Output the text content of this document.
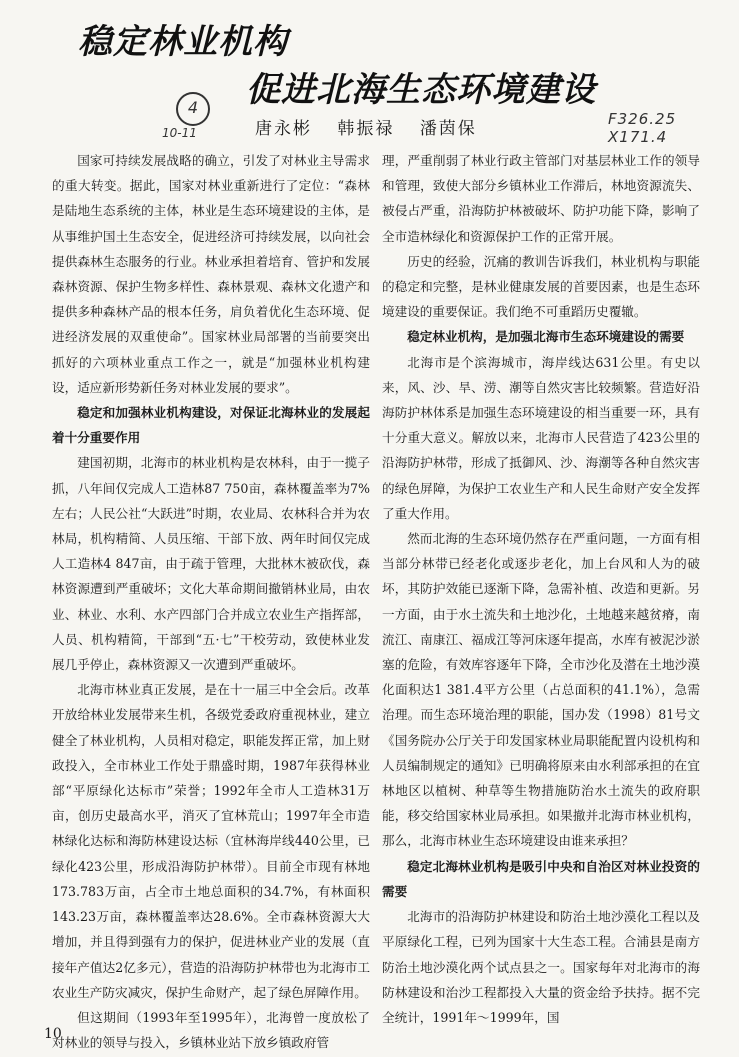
稳定林业机构
促进北海生态环境建设
4
10-11
F326.25 X171.4
唐永彬 韩振禄 潘茵保

国家可持续发展战略的确立，引发了对林业主导需求的重大转变。据此，国家对林业重新进行了定位：“森林是陆地生态系统的主体，林业是生态环境建设的主体，是从事维护国土生态安全，促进经济可持续发展，以向社会提供森林生态服务的行业。林业承担着培育、管护和发展森林资源、保护生物多样性、森林景观、森林文化遗产和提供多种森林产品的根本任务，肩负着优化生态环境、促进经济发展的双重使命”。国家林业局部署的当前要突出抓好的六项林业重点工作之一，就是“加强林业机构建设，适应新形势新任务对林业发展的要求”。

稳定和加强林业机构建设，对保证北海林业的发展起着十分重要作用

建国初期，北海市的林业机构是农林科，由于一揽子抓，八年间仅完成人工造林87 750亩，森林覆盖率为7%左右；人民公社“大跃进”时期，农业局、农林科合并为农林局，机构精简、人员压缩、干部下放、两年时间仅完成人工造林4 847亩，由于疏于管理，大批林木被砍伐，森林资源遭到严重破坏；文化大革命期间撤销林业局，由农业、林业、水利、水产四部门合并成立农业生产指挥部，人员、机构精简，干部到“五·七”干校劳动，致使林业发展几乎停止，森林资源又一次遭到严重破坏。

北海市林业真正发展，是在十一届三中全会后。改革开放给林业发展带来生机，各级党委政府重视林业，建立健全了林业机构，人员相对稳定，职能发挥正常，加上财政投入，全市林业工作处于鼎盛时期，1987年获得林业部“平原绿化达标市”荣誉；1992年全市人工造林31万亩，创历史最高水平，消灭了宜林荒山；1997年全市造林绿化达标和海防林建设达标（宜林海岸线440公里，已绿化423公里，形成沿海防护林带）。目前全市现有林地173.783万亩，占全市土地总面积的34.7%，有林面积143.23万亩，森林覆盖率达28.6%。全市森林资源大大增加，并且得到强有力的保护，促进林业产业的发展（直接年产值达2亿多元），营造的沿海防护林带也为北海市工农业生产防灾减灾，保护生命财产，起了绿色屏障作用。

但这期间（1993年至1995年），北海曾一度放松了对林业的领导与投入，乡镇林业站下放乡镇政府管

理，严重削弱了林业行政主管部门对基层林业工作的领导和管理，致使大部分乡镇林业工作滞后，林地资源流失、被侵占严重，沿海防护林被破坏、防护功能下降，影响了全市造林绿化和资源保护工作的正常开展。

历史的经验，沉痛的教训告诉我们，林业机构与职能的稳定和完整，是林业健康发展的首要因素，也是生态环境建设的重要保证。我们绝不可重蹈历史覆辙。

稳定林业机构，是加强北海市生态环境建设的需要

北海市是个滨海城市，海岸线达631公里。有史以来，风、沙、旱、涝、潮等自然灾害比较频繁。营造好沿海防护林体系是加强生态环境建设的相当重要一环，具有十分重大意义。解放以来，北海市人民营造了423公里的沿海防护林带，形成了抵御风、沙、海潮等各种自然灾害的绿色屏障，为保护工农业生产和人民生命财产安全发挥了重大作用。

然而北海的生态环境仍然存在严重问题，一方面有相当部分林带已经老化或逐步老化，加上台风和人为的破坏，其防护效能已逐渐下降，急需补植、改造和更新。另一方面，由于水土流失和土地沙化，土地越来越贫瘠，南流江、南康江、福成江等河床逐年提高，水库有被泥沙淤塞的危险，有效库容逐年下降，全市沙化及潜在土地沙漠化面积达1 381.4平方公里（占总面积的41.1%），急需治理。而生态环境治理的职能，国办发（1998）81号文《国务院办公厅关于印发国家林业局职能配置内设机构和人员编制规定的通知》已明确将原来由水利部承担的在宜林地区以植树、种草等生物措施防治水土流失的政府职能，移交给国家林业局承担。如果撤并北海市林业机构，那么，北海市林业生态环境建设由谁来承担？

稳定北海林业机构是吸引中央和自治区对林业投资的需要

北海市的沿海防护林建设和防治土地沙漠化工程以及平原绿化工程，已列为国家十大生态工程。合浦县是南方防治土地沙漠化两个试点县之一。国家每年对北海市的海防林建设和治沙工程都投入大量的资金给予扶持。据不完全统计，1991年～1999年，国

10
